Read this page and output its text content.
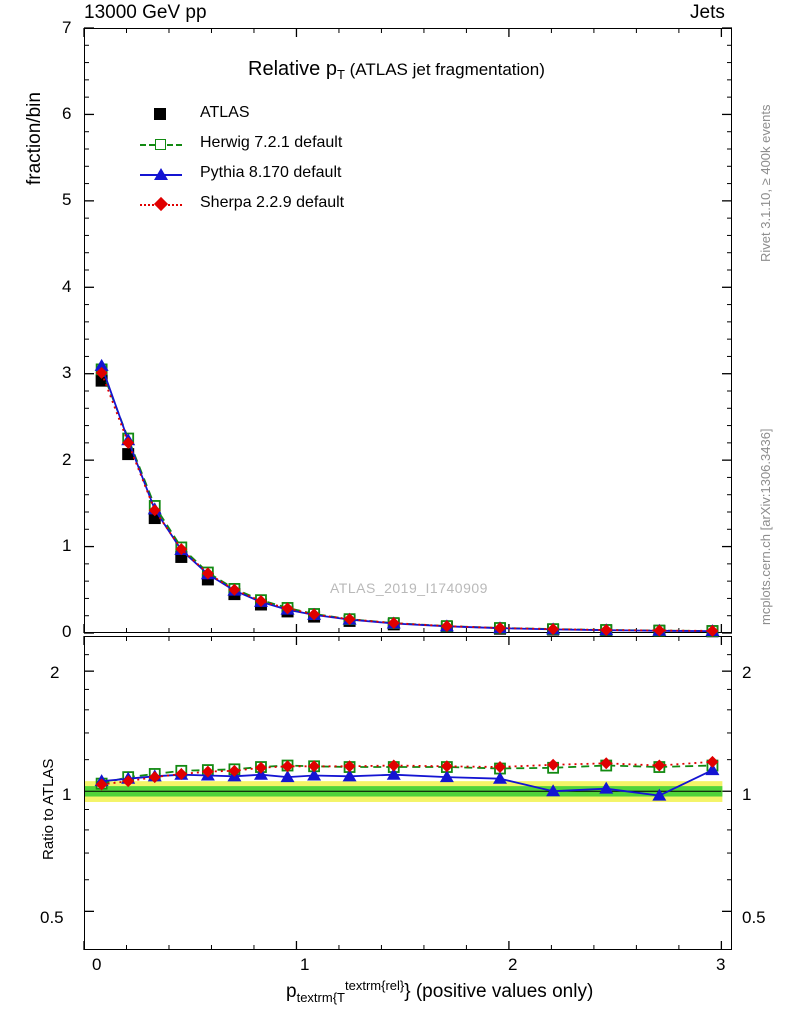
13000 GeV pp	Jets
Rivet 3.1.10, ≥ 400k events
mcplots.cern.ch [arXiv:1306.3436]
fraction/bin
0
1
2
3
4
5
6
7
Relative $p_T$ (ATLAS jet fragmentation)
ATLAS_2019_I1740909
ATLAS
Herwig 7.2.1 default
Pythia 8.170 default
Sherpa 2.2.9 default
Ratio to ATLAS
2
1
0.5
2
1
0.5
0	1	2	3
$p_{textrm\{T}^{textrm\{rel\}}$} (positive values only)
